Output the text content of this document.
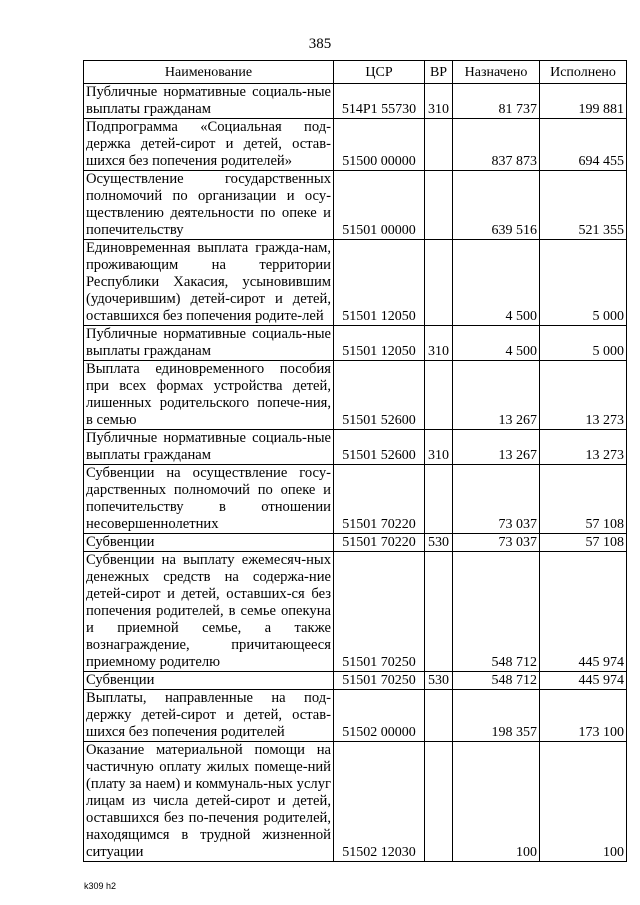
385
Наименование	ЦСР	ВР	Назначено	Исполнено
Публичные нормативные социаль-ные выплаты гражданам	514P1 55730	310	81 737	199 881
Подпрограмма «Социальная под-держка детей-сирот и детей, остав-шихся без попечения родителей»	51500 00000		837 873	694 455
Осуществление государственных полномочий по организации и осу-ществлению деятельности по опеке и попечительству	51501 00000		639 516	521 355
Единовременная выплата гражда-нам, проживающим на территории Республики Хакасия, усыновившим (удочерившим) детей-сирот и детей, оставшихся без попечения родите-лей	51501 12050		4 500	5 000
Публичные нормативные социаль-ные выплаты гражданам	51501 12050	310	4 500	5 000
Выплата единовременного пособия при всех формах устройства детей, лишенных родительского попече-ния, в семью	51501 52600		13 267	13 273
Публичные нормативные социаль-ные выплаты гражданам	51501 52600	310	13 267	13 273
Субвенции на осуществление госу-дарственных полномочий по опеке и попечительству в отношении несовершеннолетних	51501 70220		73 037	57 108
Субвенции	51501 70220	530	73 037	57 108
Субвенции на выплату ежемесяч-ных денежных средств на содержа-ние детей-сирот и детей, оставших-ся без попечения родителей, в семье опекуна и приемной семье, а также вознаграждение, причитающееся приемному родителю	51501 70250		548 712	445 974
Субвенции	51501 70250	530	548 712	445 974
Выплаты, направленные на под-держку детей-сирот и детей, остав-шихся без попечения родителей	51502 00000		198 357	173 100
Оказание материальной помощи на частичную оплату жилых помеще-ний (плату за наем) и коммуналь-ных услуг лицам из числа детей-сирот и детей, оставшихся без по-печения родителей, находящимся в трудной жизненной ситуации	51502 12030		100	100
k309 h2
